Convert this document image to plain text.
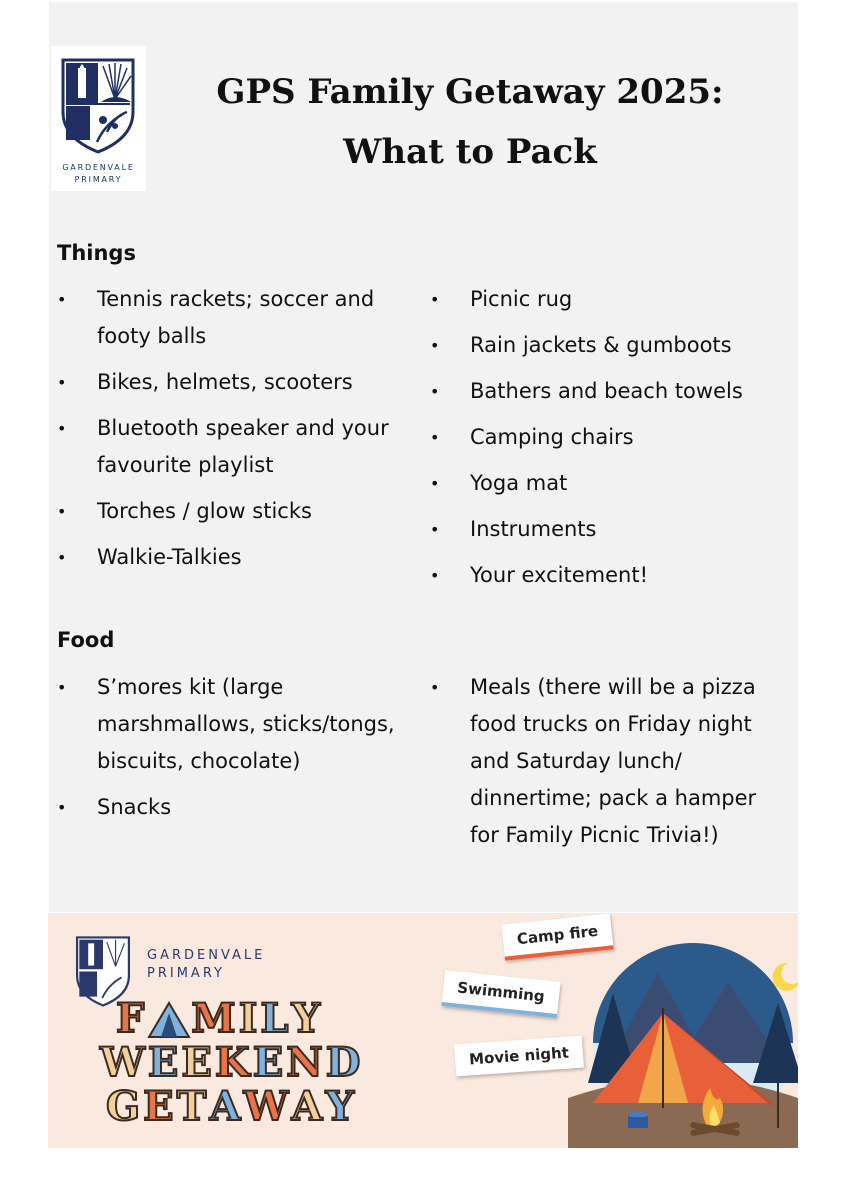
GARDENVALE
PRIMARY
GPS Family Getaway 2025:
What to Pack
Things
• Tennis rackets; soccer and footy balls
• Bikes, helmets, scooters
• Bluetooth speaker and your favourite playlist
• Torches / glow sticks
• Walkie-Talkies
• Picnic rug
• Rain jackets & gumboots
• Bathers and beach towels
• Camping chairs
• Yoga mat
• Instruments
• Your excitement!
Food
• S’mores kit (large marshmallows, sticks/tongs, biscuits, chocolate)
• Snacks
• Meals (there will be a pizza food trucks on Friday night and Saturday lunch/ dinnertime; pack a hamper for Family Picnic Trivia!)
GARDENVALE
PRIMARY
F MILY
WEEKEND
GETAWAY
Camp fire
Swimming
Movie night
